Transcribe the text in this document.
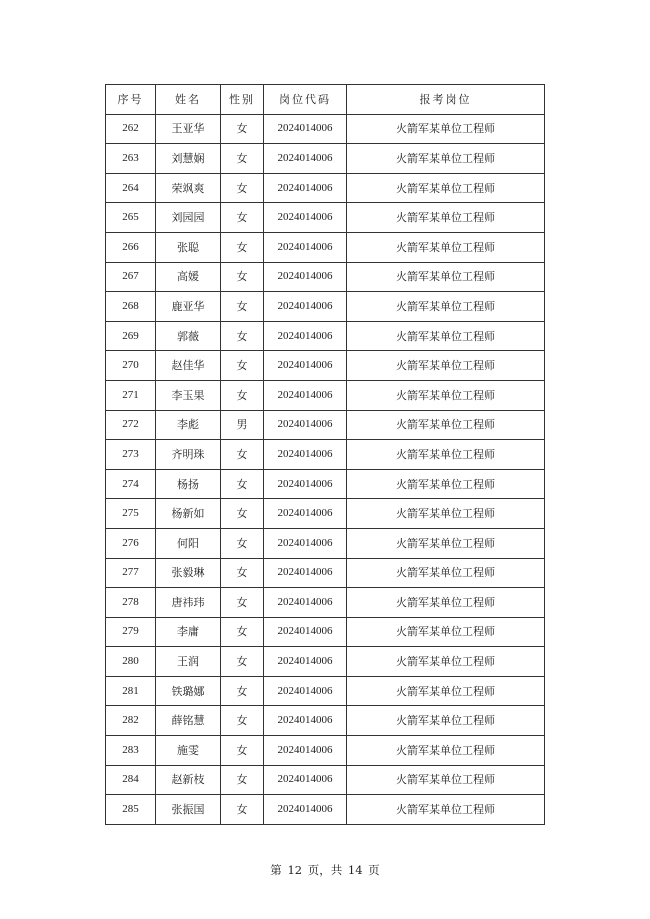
序号	姓名	性别	岗位代码	报考岗位
262	王亚华	女	2024014006	火箭军某单位工程师
263	刘慧娴	女	2024014006	火箭军某单位工程师
264	荣飒爽	女	2024014006	火箭军某单位工程师
265	刘园园	女	2024014006	火箭军某单位工程师
266	张聪	女	2024014006	火箭军某单位工程师
267	高媛	女	2024014006	火箭军某单位工程师
268	鹿亚华	女	2024014006	火箭军某单位工程师
269	郭薇	女	2024014006	火箭军某单位工程师
270	赵佳华	女	2024014006	火箭军某单位工程师
271	李玉果	女	2024014006	火箭军某单位工程师
272	李彪	男	2024014006	火箭军某单位工程师
273	齐明珠	女	2024014006	火箭军某单位工程师
274	杨扬	女	2024014006	火箭军某单位工程师
275	杨新如	女	2024014006	火箭军某单位工程师
276	何阳	女	2024014006	火箭军某单位工程师
277	张毅琳	女	2024014006	火箭军某单位工程师
278	唐祎玮	女	2024014006	火箭军某单位工程师
279	李庸	女	2024014006	火箭军某单位工程师
280	王润	女	2024014006	火箭军某单位工程师
281	铁璐娜	女	2024014006	火箭军某单位工程师
282	薛铭慧	女	2024014006	火箭军某单位工程师
283	施雯	女	2024014006	火箭军某单位工程师
284	赵新枝	女	2024014006	火箭军某单位工程师
285	张振国	女	2024014006	火箭军某单位工程师
第 12 页，共 14 页
